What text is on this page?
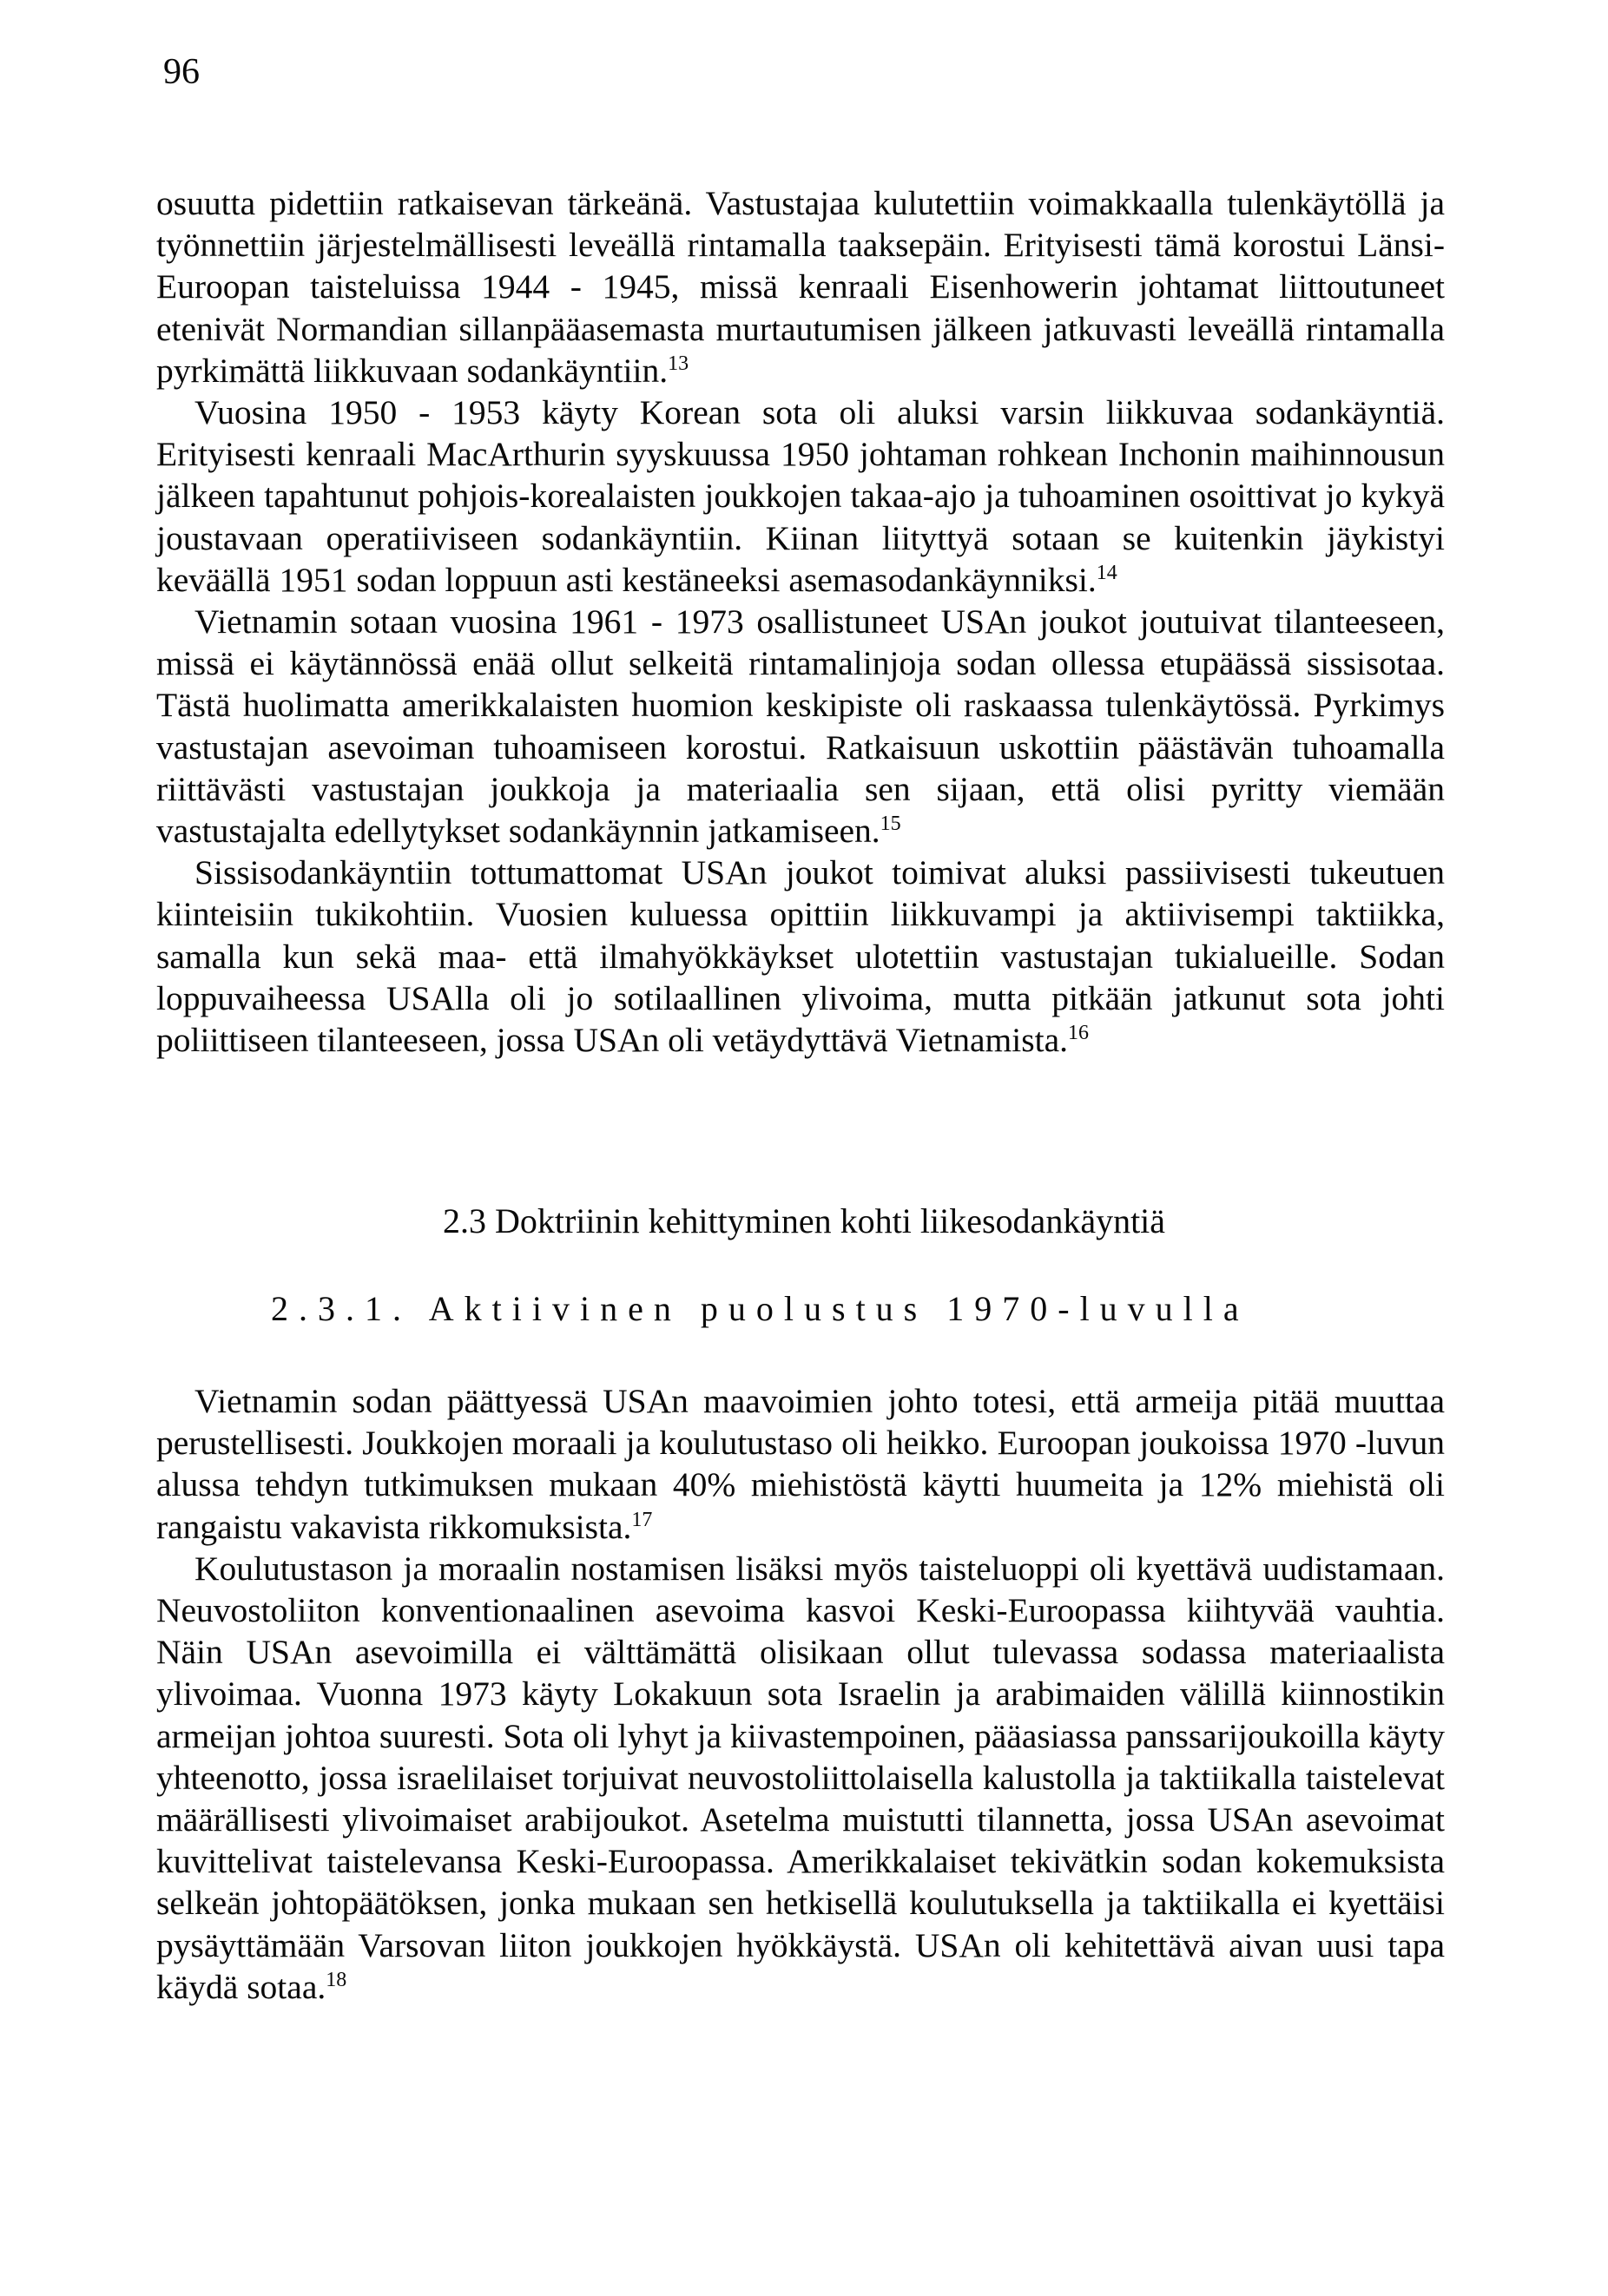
96

osuutta pidettiin ratkaisevan tärkeänä. Vastustajaa kulutettiin voimakkaalla tulenkäytöllä ja työnnettiin järjestelmällisesti leveällä rintamalla taaksepäin. Erityisesti tämä korostui Länsi-Euroopan taisteluissa 1944 - 1945, missä kenraali Eisenhowerin johtamat liittoutuneet etenivät Normandian sillanpääasemasta murtautumisen jälkeen jatkuvasti leveällä rintamalla pyrkimättä liikkuvaan sodankäyntiin.$^{13}$

Vuosina 1950 - 1953 käyty Korean sota oli aluksi varsin liikkuvaa sodankäyntiä. Erityisesti kenraali MacArthurin syyskuussa 1950 johtaman rohkean Inchonin maihinnousun jälkeen tapahtunut pohjois-korealaisten joukkojen takaa-ajo ja tuhoaminen osoittivat jo kykyä joustavaan operatiiviseen sodankäyntiin. Kiinan liityttyä sotaan se kuitenkin jäykistyi keväällä 1951 sodan loppuun asti kestäneeksi asemasodankäynniksi.$^{14}$

Vietnamin sotaan vuosina 1961 - 1973 osallistuneet USAn joukot joutuivat tilanteeseen, missä ei käytännössä enää ollut selkeitä rintamalinjoja sodan ollessa etupäässä sissisotaa. Tästä huolimatta amerikkalaisten huomion keskipiste oli raskaassa tulenkäytössä. Pyrkimys vastustajan asevoiman tuhoamiseen korostui. Ratkaisuun uskottiin päästävän tuhoamalla riittävästi vastustajan joukkoja ja materiaalia sen sijaan, että olisi pyritty viemään vastustajalta edellytykset sodankäynnin jatkamiseen.$^{15}$

Sissisodankäyntiin tottumattomat USAn joukot toimivat aluksi passiivisesti tukeutuen kiinteisiin tukikohtiin. Vuosien kuluessa opittiin liikkuvampi ja aktiivisempi taktiikka, samalla kun sekä maa- että ilmahyökkäykset ulotettiin vastustajan tukialueille. Sodan loppuvaiheessa USAlla oli jo sotilaallinen ylivoima, mutta pitkään jatkunut sota johti poliittiseen tilanteeseen, jossa USAn oli vetäydyttävä Vietnamista.$^{16}$

2.3 Doktriinin kehittyminen kohti liikesodankäyntiä
2.3.1. Aktiivinen puolustus 1970-luvulla

Vietnamin sodan päättyessä USAn maavoimien johto totesi, että armeija pitää muuttaa perustellisesti. Joukkojen moraali ja koulutustaso oli heikko. Euroopan joukoissa 1970 -luvun alussa tehdyn tutkimuksen mukaan 40% miehistöstä käytti huumeita ja 12% miehistä oli rangaistu vakavista rikkomuksista.$^{17}$

Koulutustason ja moraalin nostamisen lisäksi myös taisteluoppi oli kyettävä uudistamaan. Neuvostoliiton konventionaalinen asevoima kasvoi Keski-Euroopassa kiihtyvää vauhtia. Näin USAn asevoimilla ei välttämättä olisikaan ollut tulevassa sodassa materiaalista ylivoimaa. Vuonna 1973 käyty Lokakuun sota Israelin ja arabimaiden välillä kiinnostikin armeijan johtoa suuresti. Sota oli lyhyt ja kiivastempoinen, pääasiassa panssarijoukoilla käyty yhteenotto, jossa israelilaiset torjuivat neuvostoliittolaisella kalustolla ja taktiikalla taistelevat määrällisesti ylivoimaiset arabijoukot. Asetelma muistutti tilannetta, jossa USAn asevoimat kuvittelivat taistelevansa Keski-Euroopassa. Amerikkalaiset tekivätkin sodan kokemuksista selkeän johtopäätöksen, jonka mukaan sen hetkisellä koulutuksella ja taktiikalla ei kyettäisi pysäyttämään Varsovan liiton joukkojen hyökkäystä. USAn oli kehitettävä aivan uusi tapa käydä sotaa.$^{18}$
